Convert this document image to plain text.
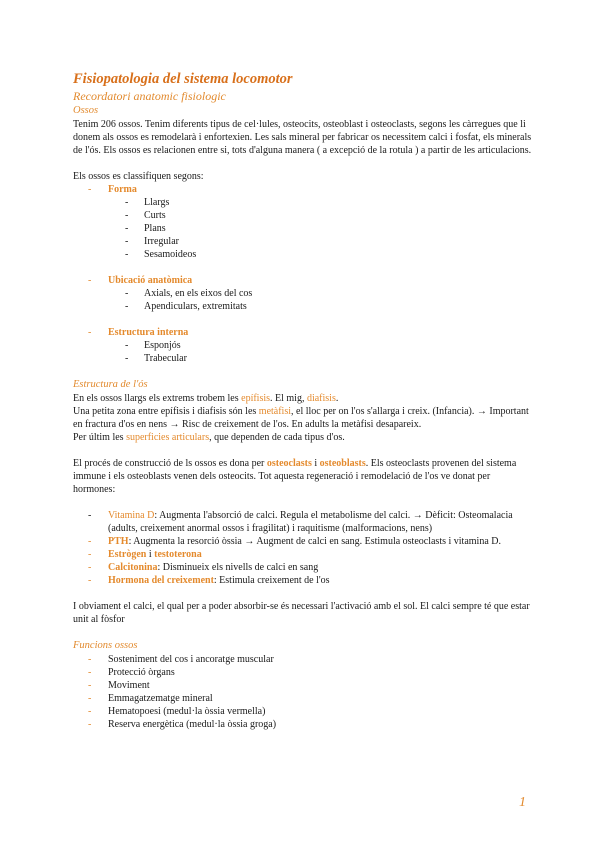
Fisiopatologia del sistema locomotor

Recordatori anatomic fisiologic

Ossos

Tenim 206 ossos. Tenim diferents tipus de cel·lules, osteocits, osteoblast i osteoclasts, segons les càrregues que li donem als ossos es remodelarà i enfortexien. Les sals mineral per fabricar os necessitem calci i fosfat, els minerals de l'ós. Els ossos es relacionen entre si, tots d'alguna manera ( a excepció de la rotula ) a partir de les articulacions.

Els ossos es classifiquen segons:

- Forma
- Llargs
- Curts
- Plans
- Irregular
- Sesamoideos
- Ubicació anatòmica
- Axials, en els eixos del cos
- Apendiculars, extremitats
- Estructura interna
- Esponjós
- Trabecular

Estructura de l'ós

En els ossos llargs els extrems trobem les epífisis. El mig, diafisis.

Una petita zona entre epífisis i diafisis són les metàfisi, el lloc per on l'os s'allarga i creix. (Infancia). → Important en fractura d'os en nens → Risc de creixement de l'os. En adults la metàfisi desapareix.

Per últim les superficies articulars, que dependen de cada tipus d'os.

El procés de construcció de ls ossos es dona per osteoclasts i osteoblasts. Els osteoclasts provenen del sistema immune i els osteoblasts venen dels osteocits. Tot aquesta regeneració i remodelació de l'os ve donat per hormones:

- Vitamina D: Augmenta l'absorció de calci. Regula el metabolisme del calci. → Dèficit: Osteomalacia (adults, creixement anormal ossos i fragilitat) i raquitisme (malformacions, nens)
- PTH: Augmenta la resorció òssia → Augment de calci en sang. Estimula osteoclasts i vitamina D.
- Estrògen i testoterona
- Calcitonina: Disminueix els nivells de calci en sang
- Hormona del creixement: Estimula creixement de l'os

I obviament el calci, el qual per a poder absorbir-se és necessari l'activació amb el sol. El calci sempre té que estar unit al fòsfor

Funcions ossos

- Sosteniment del cos i ancoratge muscular
- Protecció òrgans
- Moviment
- Emmagatzematge mineral
- Hematopoesi (medul·la òssia vermella)
- Reserva energètica (medul·la òssia groga)
1
